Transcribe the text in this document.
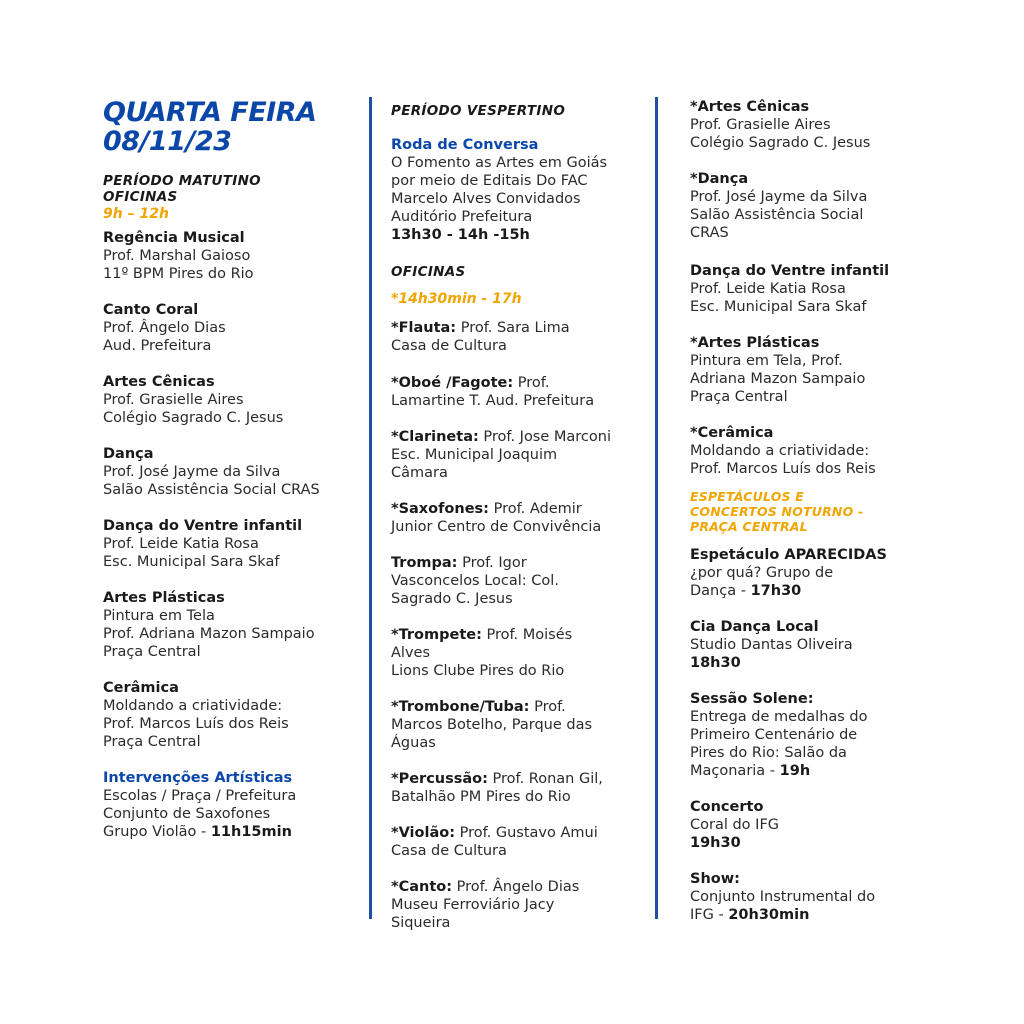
QUARTA FEIRA
08/11/23
PERÍODO MATUTINO
OFICINAS
9h – 12h
Regência Musical
Prof. Marshal Gaioso
11º BPM Pires do Rio
Canto Coral
Prof. Ângelo Dias
Aud. Prefeitura
Artes Cênicas
Prof. Grasielle Aires
Colégio Sagrado C. Jesus
Dança
Prof. José Jayme da Silva
Salão Assistência Social CRAS
Dança do Ventre infantil
Prof. Leide Katia Rosa
Esc. Municipal Sara Skaf
Artes Plásticas
Pintura em Tela
Prof. Adriana Mazon Sampaio
Praça Central
Cerâmica
Moldando a criatividade:
Prof. Marcos Luís dos Reis
Praça Central
Intervenções Artísticas
Escolas / Praça / Prefeitura
Conjunto de Saxofones
Grupo Violão - 11h15min
PERÍODO VESPERTINO
Roda de Conversa
O Fomento as Artes em Goiás
por meio de Editais Do FAC
Marcelo Alves Convidados
Auditório Prefeitura
13h30 - 14h -15h
OFICINAS
*14h30min - 17h
*Flauta: Prof. Sara Lima
Casa de Cultura
*Oboé /Fagote: Prof.
Lamartine T. Aud. Prefeitura
*Clarineta: Prof. Jose Marconi
Esc. Municipal Joaquim
Câmara
*Saxofones: Prof. Ademir
Junior Centro de Convivência
Trompa: Prof. Igor
Vasconcelos Local: Col.
Sagrado C. Jesus
*Trompete: Prof. Moisés
Alves
Lions Clube Pires do Rio
*Trombone/Tuba: Prof.
Marcos Botelho, Parque das
Águas
*Percussão: Prof. Ronan Gil,
Batalhão PM Pires do Rio
*Violão: Prof. Gustavo Amui
Casa de Cultura
*Canto: Prof. Ângelo Dias
Museu Ferroviário Jacy
Siqueira
*Artes Cênicas
Prof. Grasielle Aires
Colégio Sagrado C. Jesus
*Dança
Prof. José Jayme da Silva
Salão Assistência Social
CRAS
Dança do Ventre infantil
Prof. Leide Katia Rosa
Esc. Municipal Sara Skaf
*Artes Plásticas
Pintura em Tela, Prof.
Adriana Mazon Sampaio
Praça Central
*Cerâmica
Moldando a criatividade:
Prof. Marcos Luís dos Reis
ESPETÁCULOS E
CONCERTOS NOTURNO -
PRAÇA CENTRAL
Espetáculo APARECIDAS
¿por quá? Grupo de
Dança - 17h30
Cia Dança Local
Studio Dantas Oliveira
18h30
Sessão Solene:
Entrega de medalhas do
Primeiro Centenário de
Pires do Rio: Salão da
Maçonaria - 19h
Concerto
Coral do IFG
19h30
Show:
Conjunto Instrumental do
IFG - 20h30min
